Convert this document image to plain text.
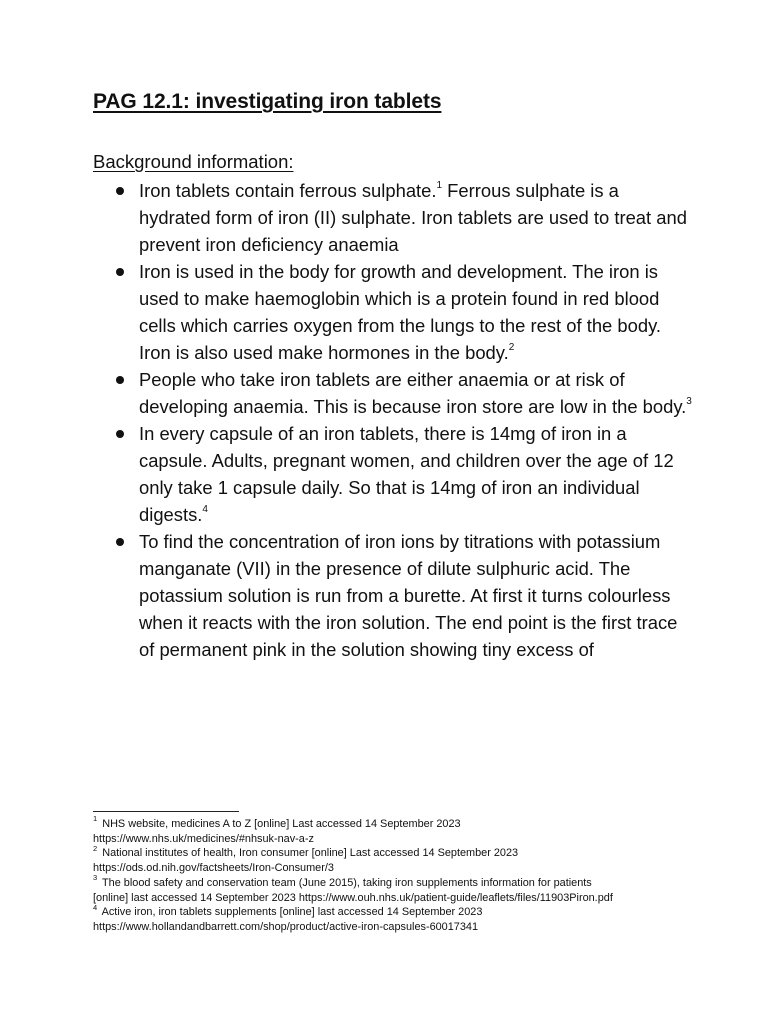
PAG 12.1: investigating iron tablets
Background information:
Iron tablets contain ferrous sulphate.$^1$ Ferrous sulphate is a hydrated form of iron (II) sulphate. Iron tablets are used to treat and prevent iron deficiency anaemia
Iron is used in the body for growth and development. The iron is used to make haemoglobin which is a protein found in red blood cells which carries oxygen from the lungs to the rest of the body. Iron is also used make hormones in the body.$^2$
People who take iron tablets are either anaemia or at risk of developing anaemia. This is because iron store are low in the body.$^3$
In every capsule of an iron tablets, there is 14mg of iron in a capsule. Adults, pregnant women, and children over the age of 12 only take 1 capsule daily. So that is 14mg of iron an individual digests.$^4$
To find the concentration of iron ions by titrations with potassium manganate (VII) in the presence of dilute sulphuric acid. The potassium solution is run from a burette. At first it turns colourless when it reacts with the iron solution. The end point is the first trace of permanent pink in the solution showing tiny excess of

$^1$ NHS website, medicines A to Z [online] Last accessed 14 September 2023
https://www.nhs.uk/medicines/#nhsuk-nav-a-z

$^2$ National institutes of health, Iron consumer [online] Last accessed 14 September 2023
https://ods.od.nih.gov/factsheets/Iron-Consumer/3

$^3$ The blood safety and conservation team (June 2015), taking iron supplements information for patients
[online] last accessed 14 September 2023 https://www.ouh.nhs.uk/patient-guide/leaflets/files/11903Piron.pdf

$^4$ Active iron, iron tablets supplements [online] last accessed 14 September 2023
https://www.hollandandbarrett.com/shop/product/active-iron-capsules-60017341
